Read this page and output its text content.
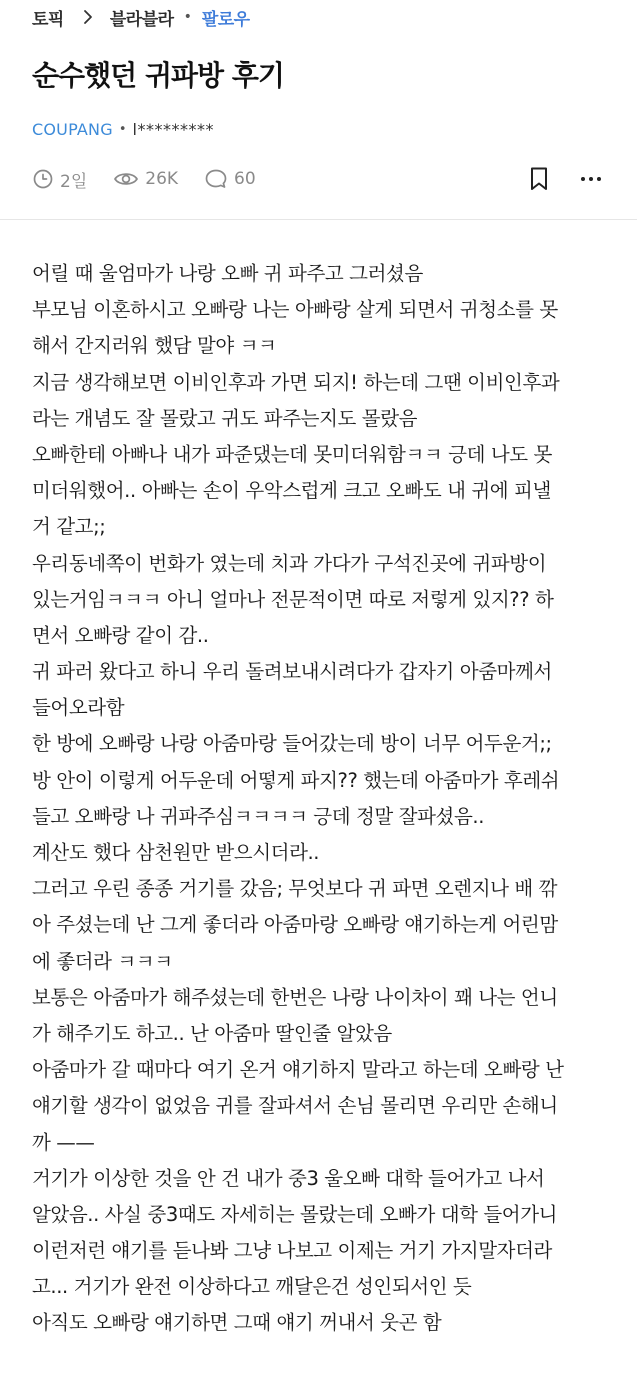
토픽	블라블라 • 팔로우
순수했던 귀파방 후기
COUPANG • l*********
2일	26K	60
어릴 때 울엄마가 나랑 오빠 귀 파주고 그러셨음
부모님 이혼하시고 오빠랑 나는 아빠랑 살게 되면서 귀청소를 못
해서 간지러워 했담 말야 ㅋㅋ
지금 생각해보면 이비인후과 가면 되지! 하는데 그땐 이비인후과
라는 개념도 잘 몰랐고 귀도 파주는지도 몰랐음
오빠한테 아빠나 내가 파준댔는데 못미더워함ㅋㅋ 긍데 나도 못
미더워했어.. 아빠는 손이 우악스럽게 크고 오빠도 내 귀에 피낼
거 같고;;
우리동네쪽이 번화가 였는데 치과 가다가 구석진곳에 귀파방이
있는거임ㅋㅋㅋ 아니 얼마나 전문적이면 따로 저렇게 있지?? 하
면서 오빠랑 같이 감..
귀 파러 왔다고 하니 우리 돌려보내시려다가 갑자기 아줌마께서
들어오라함
한 방에 오빠랑 나랑 아줌마랑 들어갔는데 방이 너무 어두운거;;
방 안이 이렇게 어두운데 어떻게 파지?? 했는데 아줌마가 후레쉬
들고 오빠랑 나 귀파주심ㅋㅋㅋㅋ 긍데 정말 잘파셨음..
계산도 했다 삼천원만 받으시더라..
그러고 우린 종종 거기를 갔음; 무엇보다 귀 파면 오렌지나 배 깎
아 주셨는데 난 그게 좋더라 아줌마랑 오빠랑 얘기하는게 어린맘
에 좋더라 ㅋㅋㅋ
보통은 아줌마가 해주셨는데 한번은 나랑 나이차이 꽤 나는 언니
가 해주기도 하고.. 난 아줌마 딸인줄 알았음
아줌마가 갈 때마다 여기 온거 얘기하지 말라고 하는데 오빠랑 난
얘기할 생각이 없었음 귀를 잘파셔서 손님 몰리면 우리만 손해니
까 ——
거기가 이상한 것을 안 건 내가 중3 울오빠 대학 들어가고 나서
알았음.. 사실 중3때도 자세히는 몰랐는데 오빠가 대학 들어가니
이런저런 얘기를 듣나봐 그냥 나보고 이제는 거기 가지말자더라
고... 거기가 완전 이상하다고 깨달은건 성인되서인 듯
아직도 오빠랑 얘기하면 그때 얘기 꺼내서 웃곤 함
